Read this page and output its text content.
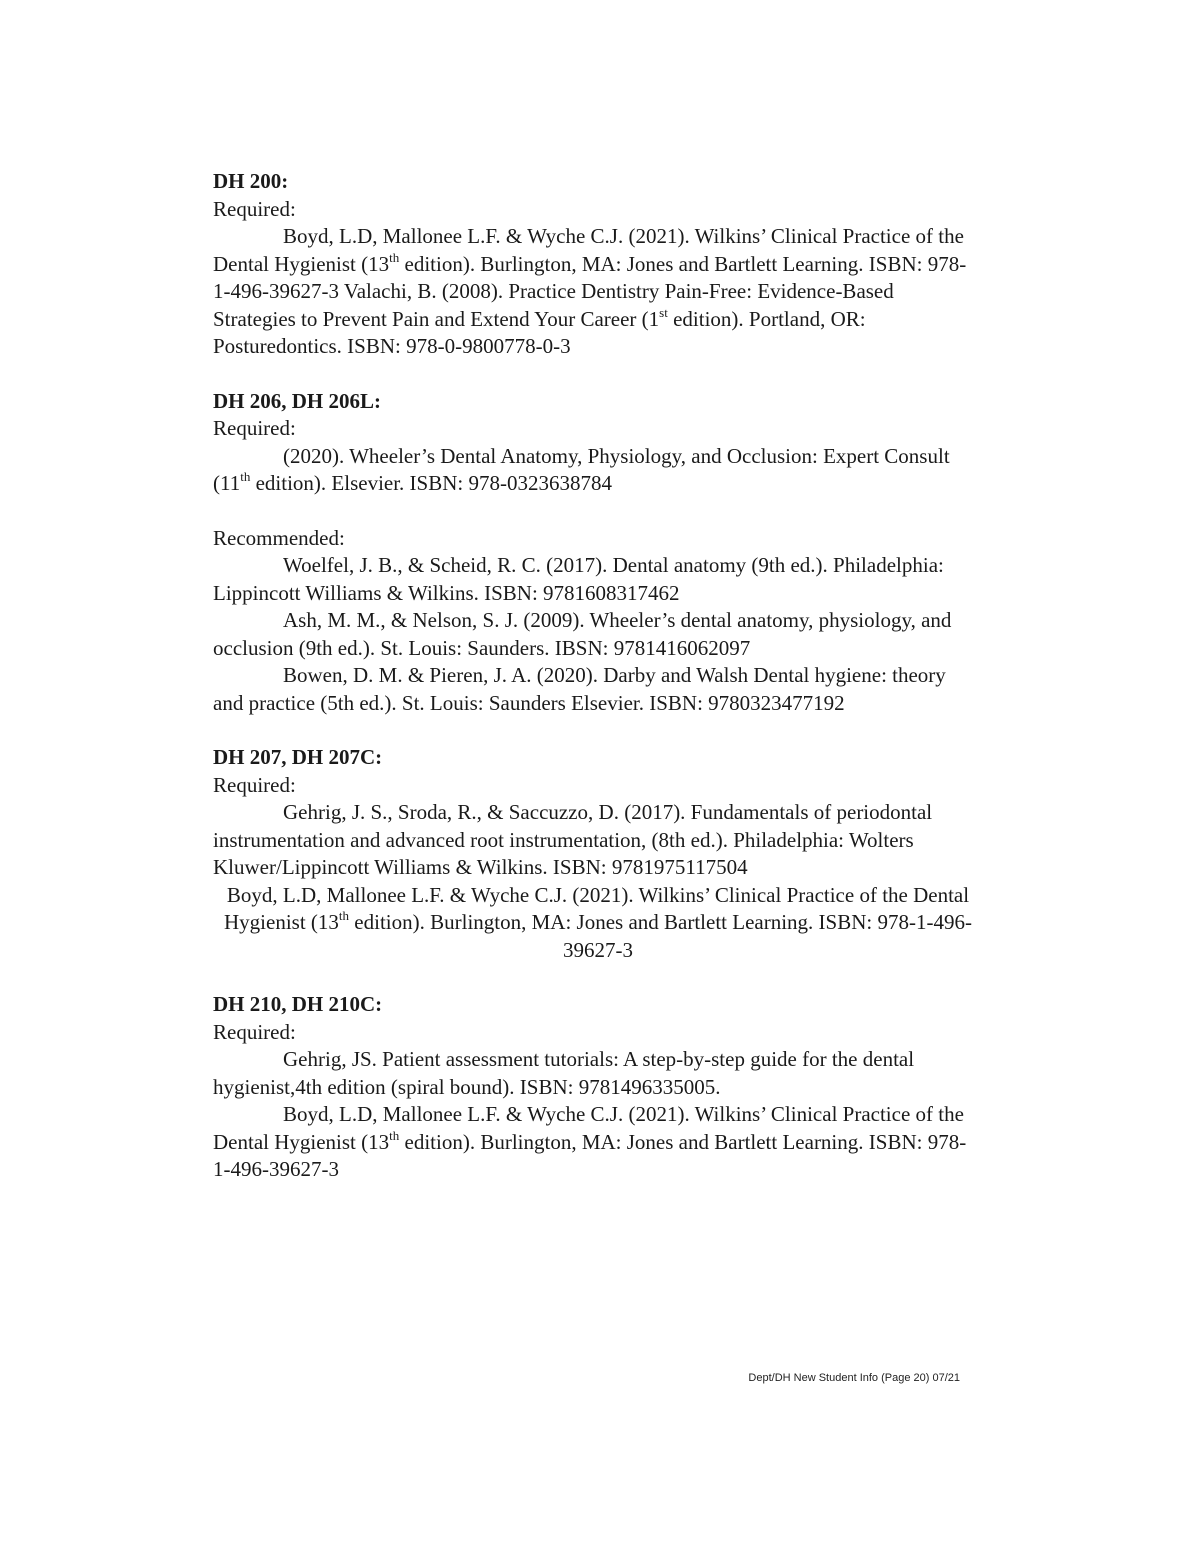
DH 200:

Required:

Boyd, L.D, Mallonee L.F. & Wyche C.J. (2021). Wilkins’ Clinical Practice of the Dental Hygienist (13th edition). Burlington, MA: Jones and Bartlett Learning. ISBN: 978-1-496-39627-3 Valachi, B. (2008). Practice Dentistry Pain-Free: Evidence-Based Strategies to Prevent Pain and Extend Your Career (1st edition). Portland, OR: Posturedontics. ISBN: 978-0-9800778-0-3

DH 206, DH 206L:

Required:

(2020). Wheeler’s Dental Anatomy, Physiology, and Occlusion: Expert Consult (11th edition). Elsevier. ISBN: 978-0323638784

Recommended:

Woelfel, J. B., & Scheid, R. C. (2017). Dental anatomy (9th ed.). Philadelphia: Lippincott Williams & Wilkins. ISBN: 9781608317462

Ash, M. M., & Nelson, S. J. (2009). Wheeler’s dental anatomy, physiology, and occlusion (9th ed.). St. Louis: Saunders. IBSN: 9781416062097

Bowen, D. M. & Pieren, J. A. (2020). Darby and Walsh Dental hygiene: theory and practice (5th ed.). St. Louis: Saunders Elsevier. ISBN: 9780323477192

DH 207, DH 207C:

Required:

Gehrig, J. S., Sroda, R., & Saccuzzo, D. (2017). Fundamentals of periodontal instrumentation and advanced root instrumentation, (8th ed.). Philadelphia: Wolters Kluwer/Lippincott Williams & Wilkins. ISBN: 9781975117504

Boyd, L.D, Mallonee L.F. & Wyche C.J. (2021). Wilkins’ Clinical Practice of the Dental Hygienist (13th edition). Burlington, MA: Jones and Bartlett Learning. ISBN: 978-1-496-39627-3

DH 210, DH 210C:

Required:

Gehrig, JS. Patient assessment tutorials: A step-by-step guide for the dental hygienist,4th edition (spiral bound). ISBN: 9781496335005.

Boyd, L.D, Mallonee L.F. & Wyche C.J. (2021). Wilkins’ Clinical Practice of the Dental Hygienist (13th edition). Burlington, MA: Jones and Bartlett Learning. ISBN: 978-1-496-39627-3

Dept/DH New Student Info (Page 20) 07/21
